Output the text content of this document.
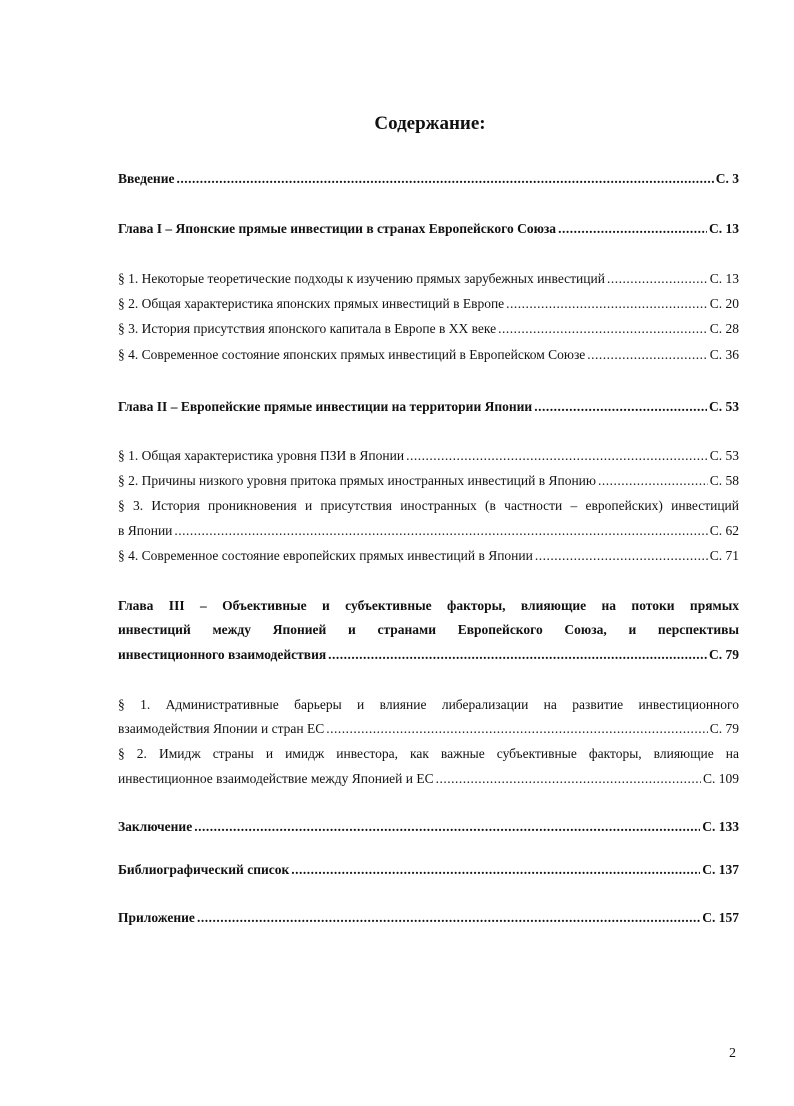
Содержание:
Введение .....	С. 3
Глава I – Японские прямые инвестиции в странах Европейского Союза .....	С. 13
§ 1. Некоторые теоретические подходы к изучению прямых зарубежных инвестиций .....	С. 13
§ 2. Общая характеристика японских прямых инвестиций в Европе .....	С. 20
§ 3. История присутствия японского капитала в Европе в XX веке .....	С. 28
§ 4. Современное состояние японских прямых инвестиций в Европейском Союзе .....	С. 36
Глава II – Европейские прямые инвестиции на территории Японии .....	С. 53
§ 1. Общая характеристика уровня ПЗИ в Японии .....	С. 53
§ 2. Причины низкого уровня притока прямых иностранных инвестиций в Японию .....	С. 58
§ 3. История проникновения и присутствия иностранных (в частности – европейских) инвестиций
в Японии .....	С. 62
§ 4. Современное состояние европейских прямых инвестиций в Японии .....	С. 71
Глава III – Объективные и субъективные факторы, влияющие на потоки прямых
инвестиций между Японией и странами Европейского Союза, и перспективы
инвестиционного взаимодействия .....	С. 79
§ 1. Административные барьеры и влияние либерализации на развитие инвестиционного
взаимодействия Японии и стран ЕС .....	С. 79
§ 2. Имидж страны и имидж инвестора, как важные субъективные факторы, влияющие на
инвестиционное взаимодействие между Японией и ЕС .....	С. 109
Заключение .....	С. 133
Библиографический список .....	С. 137
Приложение .....	С. 157
2
